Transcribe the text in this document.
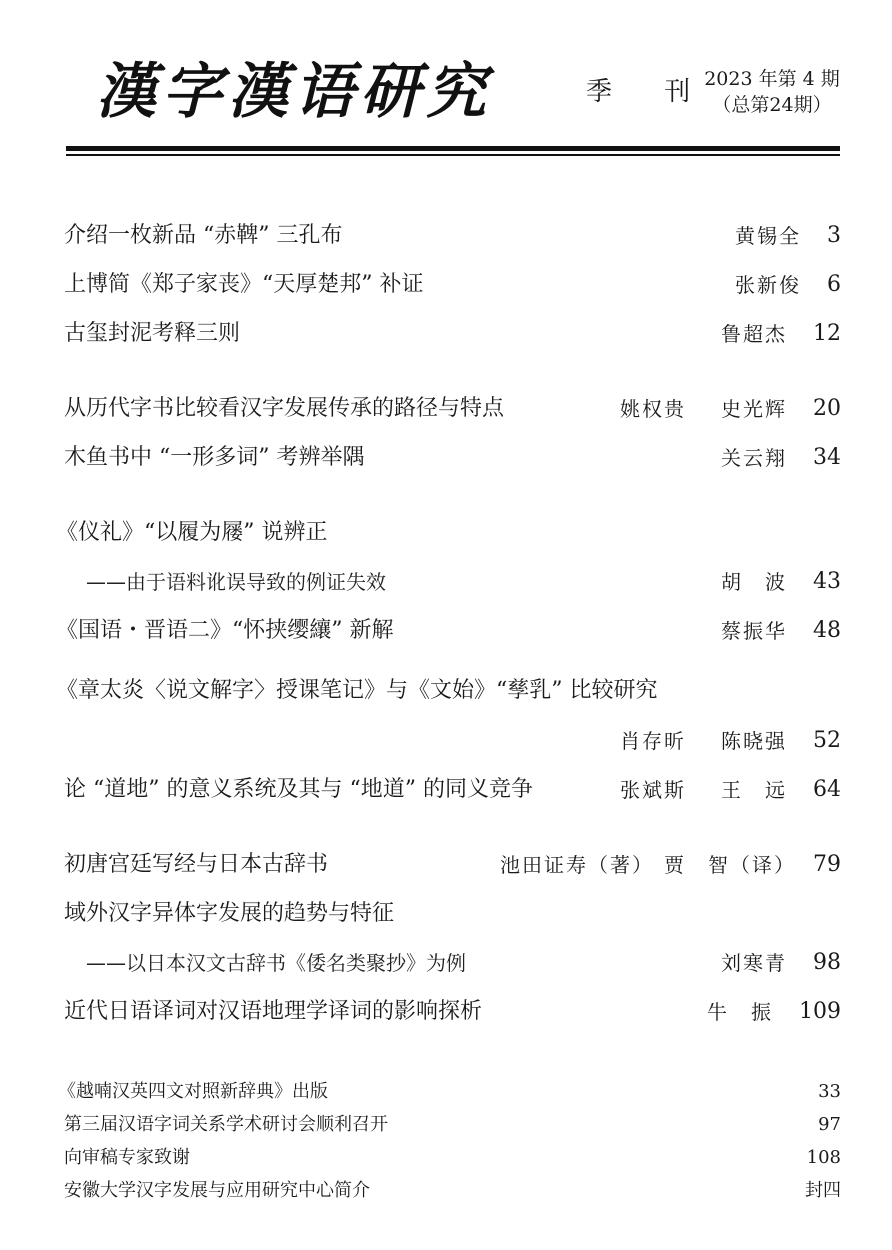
漢字漢语研究	季 刊
2023 年第 4 期
（总第24期）
介绍一枚新品 “赤鞞” 三孔布	黄锡全 3
上博简《郑子家丧》“天厚楚邦” 补证	张新俊 6
古玺封泥考释三则	鲁超杰 12
从历代字书比较看汉字发展传承的路径与特点	姚权贵 史光辉 20
木鱼书中 “一形多词” 考辨举隅	关云翔 34
《仪礼》“以履为屦” 说辨正
——由于语料讹误导致的例证失效	胡　波 43
《国语・晋语二》“怀挟缨纕” 新解	蔡振华 48
《章太炎〈说文解字〉授课笔记》与《文始》“孳乳” 比较研究
肖存昕 陈晓强 52
论 “道地” 的意义系统及其与 “地道” 的同义竞争	张斌斯 王　远 64
初唐宫廷写经与日本古辞书	池田证寿（著） 贾　智（译） 79
域外汉字异体字发展的趋势与特征
——以日本汉文古辞书《倭名类聚抄》为例	刘寒青 98
近代日语译词对汉语地理学译词的影响探析	牛　振 109
《越喃汉英四文对照新辞典》出版	33
第三届汉语字词关系学术研讨会顺利召开	97
向审稿专家致谢	108
安徽大学汉字发展与应用研究中心简介	封四
